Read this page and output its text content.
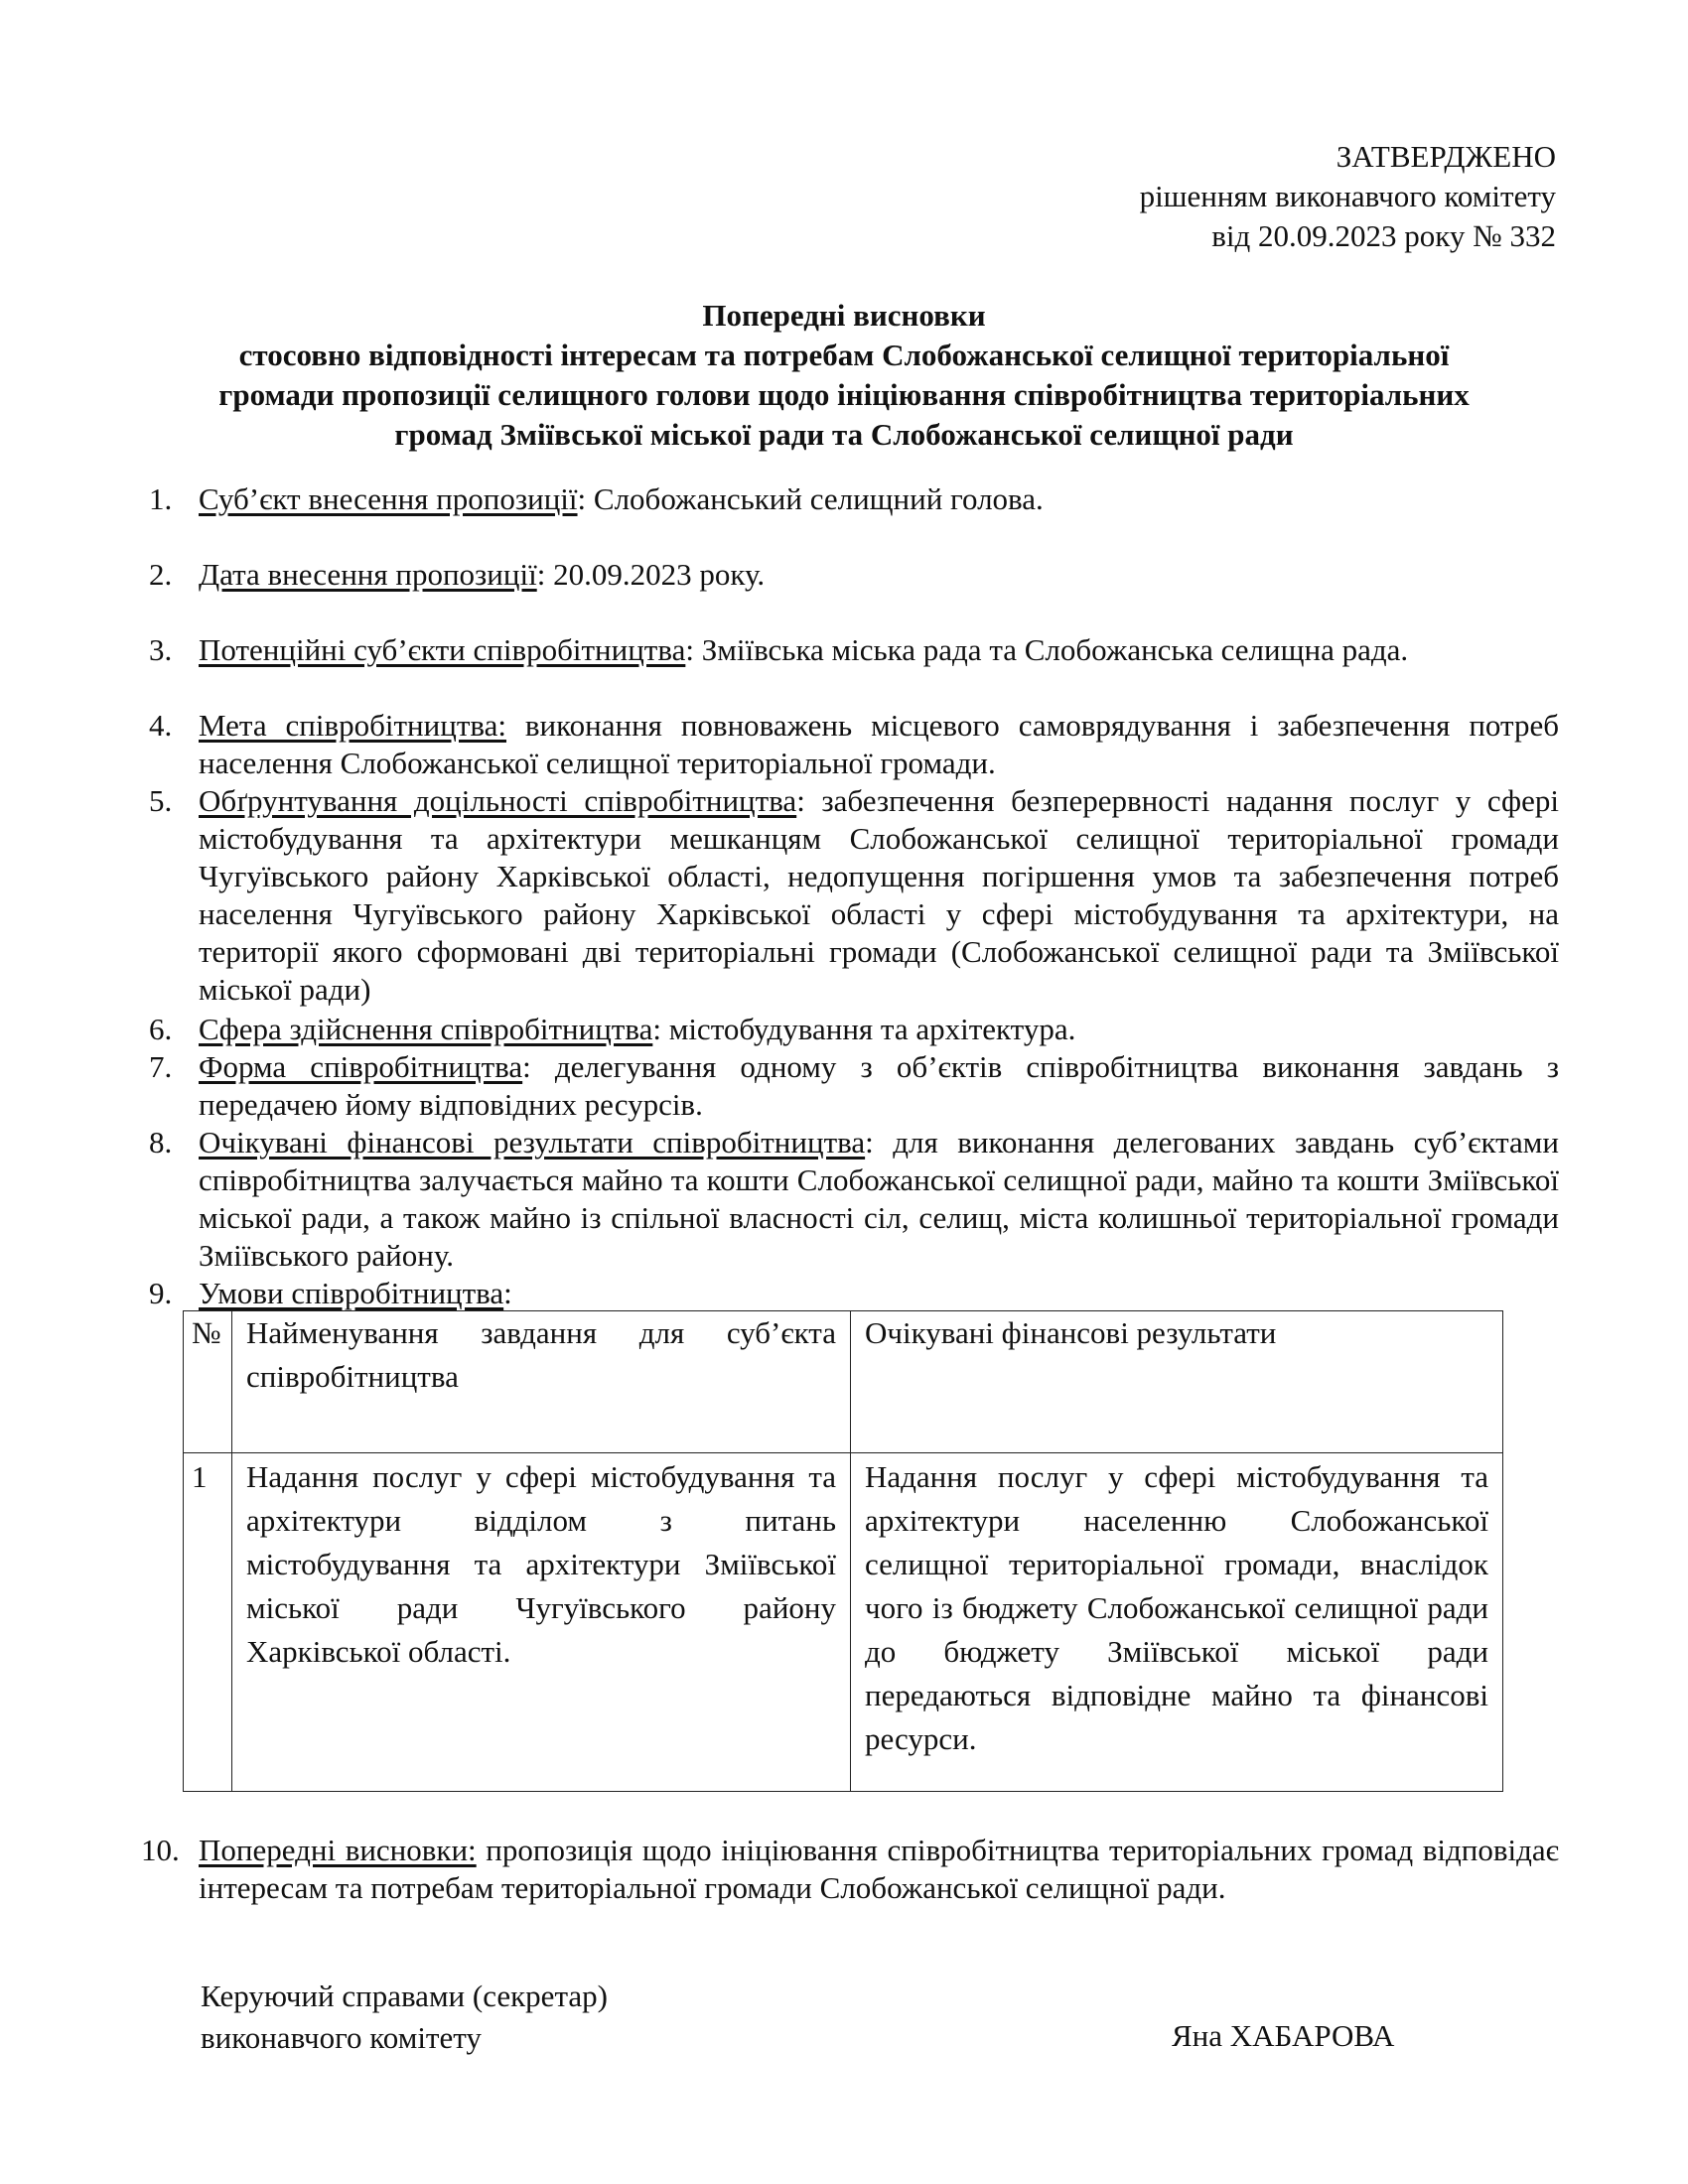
ЗАТВЕРДЖЕНО
рішенням виконавчого комітету
від 20.09.2023 року № 332
Попередні висновки
стосовно відповідності інтересам та потребам Слобожанської селищної територіальної
громади пропозиції селищного голови щодо ініціювання співробітництва територіальних
громад Зміївської міської ради та Слобожанської селищної ради
1. Суб’єкт внесення пропозиції: Слобожанський селищний голова.
2. Дата внесення пропозиції: 20.09.2023 року.
3. Потенційні суб’єкти співробітництва: Зміївська міська рада та Слобожанська селищна рада.
4. Мета співробітництва: виконання повноважень місцевого самоврядування і забезпечення потреб населення Слобожанської селищної територіальної громади.
5. Обґрунтування доцільності співробітництва: забезпечення безперервності надання послуг у сфері містобудування та архітектури мешканцям Слобожанської селищної територіальної громади Чугуївського району Харківської області, недопущення погіршення умов та забезпечення потреб населення Чугуївського району Харківської області у сфері містобудування та архітектури, на території якого сформовані дві територіальні громади (Слобожанської селищної ради та Зміївської міської ради)
6. Сфера здійснення співробітництва: містобудування та архітектура.
7. Форма співробітництва: делегування одному з об’єктів співробітництва виконання завдань з передачею йому відповідних ресурсів.
8. Очікувані фінансові результати співробітництва: для виконання делегованих завдань суб’єктами співробітництва залучається майно та кошти Слобожанської селищної ради, майно та кошти Зміївської міської ради, а також майно із спільної власності сіл, селищ, міста колишньої територіальної громади Зміївського району.
9. Умови співробітництва:
10. Попередні висновки: пропозиція щодо ініціювання співробітництва територіальних громад відповідає інтересам та потребам територіальної громади Слобожанської селищної ради.
№	Найменування завдання для суб’єкта співробітництва	Очікувані фінансові результати
1	Надання послуг у сфері містобудування та архітектури відділом з питань містобудування та архітектури Зміївської міської ради Чугуївського району Харківської області.	Надання послуг у сфері містобудування та архітектури населенню Слобожанської селищної територіальної громади, внаслідок чого із бюджету Слобожанської селищної ради до бюджету Зміївської міської ради передаються відповідне майно та фінансові ресурси.
Керуючий справами (секретар)
виконавчого комітету	Яна ХАБАРОВА
